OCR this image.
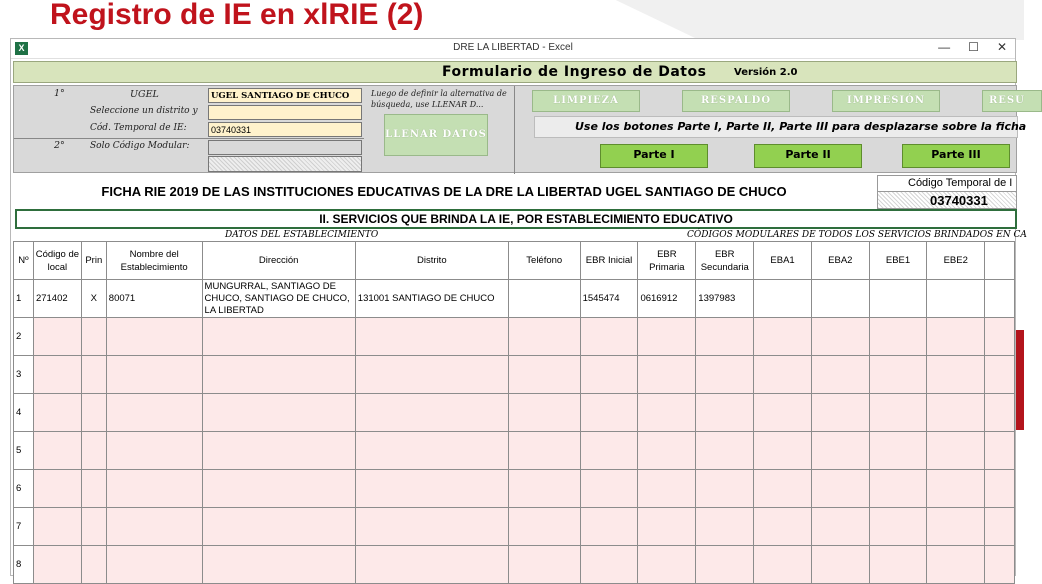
Registro de IE en xlRIE (2)
X	DRE LA LIBERTAD - Excel	— ☐ ✕
Formulario de Ingreso de Datos	Versión 2.0
1°	UGEL	UGEL SANTIAGO DE CHUCO
Seleccione un distrito y
Cód. Temporal de IE:	03740331
2°	Solo Código Modular:
Luego de definir la alternativa de búsqueda, use LLENAR D...
LLENAR DATOS
LIMPIEZA	RESPALDO	IMPRESIÓN	RESU
Use los botones Parte I, Parte II, Parte III para desplazarse sobre la ficha
Parte I	Parte II	Parte III
FICHA RIE 2019 DE LAS INSTITUCIONES EDUCATIVAS DE LA DRE LA LIBERTAD UGEL SANTIAGO DE CHUCO
Código Temporal de I
03740331
II. SERVICIOS QUE BRINDA LA IE, POR ESTABLECIMIENTO EDUCATIVO
DATOS DEL ESTABLECIMIENTO	CÓDIGOS MODULARES DE TODOS LOS SERVICIOS BRINDADOS EN CA
Nº	Código de local	Prin	Nombre del Establecimiento	Dirección	Distrito	Teléfono	EBR Inicial	EBR Primaria	EBR Secundaria	EBA1	EBA2	EBE1	EBE2	
1	271402	X	80071	MUNGURRAL, SANTIAGO DE CHUCO, SANTIAGO DE CHUCO, LA LIBERTAD	131001 SANTIAGO DE CHUCO		1545474	0616912	1397983					
2														
3														
4														
5														
6														
7														
8														
